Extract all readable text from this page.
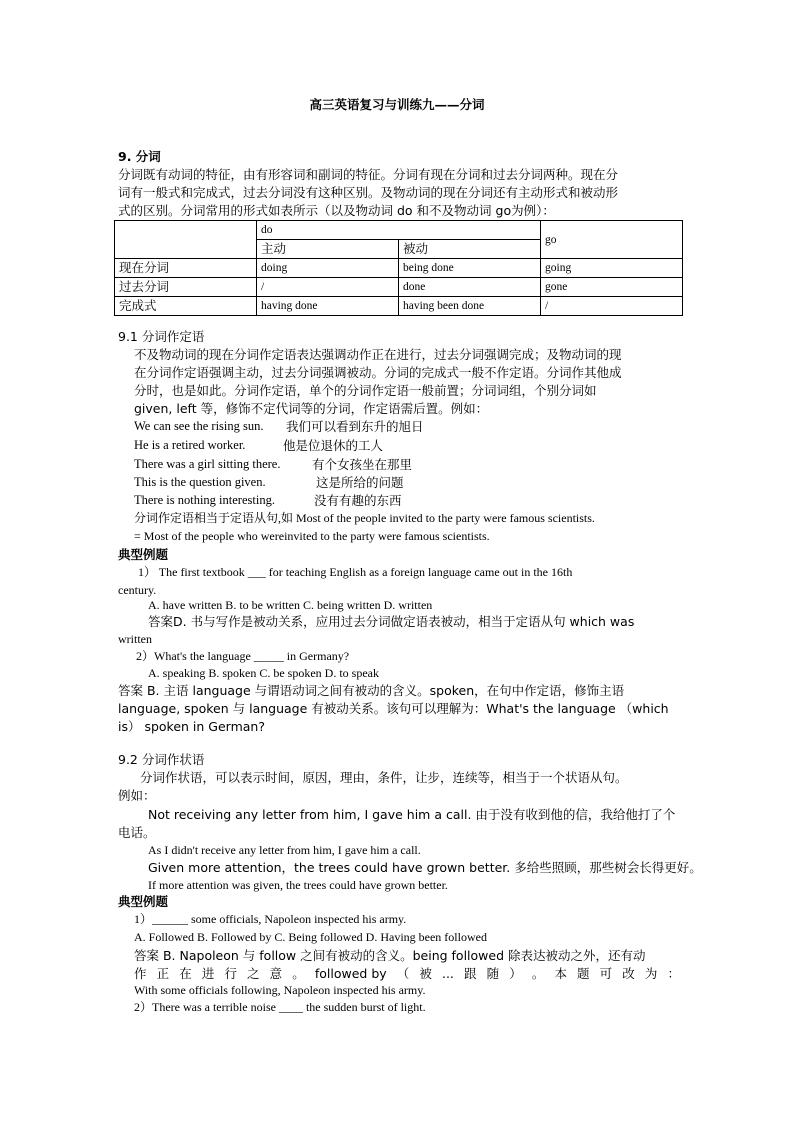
高三英语复习与训练九——分词
9. 分词
分词既有动词的特征，由有形容词和副词的特征。分词有现在分词和过去分词两种。现在分
词有一般式和完成式，过去分词没有这种区别。及物动词的现在分词还有主动形式和被动形
式的区别。分词常用的形式如表所示（以及物动词 do 和不及物动词 go为例）：
	do		go
	主动	被动	
现在分词	doing	being done	going
过去分词	/	done	gone
完成式	having done	having been done	/
9.1 分词作定语
不及物动词的现在分词作定语表达强调动作正在进行，过去分词强调完成；及物动词的现
在分词作定语强调主动，过去分词强调被动。分词的完成式一般不作定语。分词作其他成
分时，也是如此。分词作定语，单个的分词作定语一般前置；分词词组，个别分词如
given, left 等，修饰不定代词等的分词，作定语需后置。例如：
We can see the rising sun. 我们可以看到东升的旭日
He is a retired worker.	他是位退休的工人
There was a girl sitting there.	有个女孩坐在那里
This is the question given.	这是所给的问题
There is nothing interesting.	没有有趣的东西
分词作定语相当于定语从句,如 Most of the people invited to the party were famous scientists.
= Most of the people who wereinvited to the party were famous scientists.
典型例题
1） The first textbook ___ for teaching English as a foreign language came out in the 16th
century.
A. have written B. to be written C. being written D. written
答案D. 书与写作是被动关系，应用过去分词做定语表被动，相当于定语从句 which was
written
2）What's the language _____ in Germany?
A. speaking B. spoken C. be spoken D. to speak
答案 B. 主语 language 与谓语动词之间有被动的含义。spoken，在句中作定语，修饰主语
language, spoken 与 language 有被动关系。该句可以理解为：What's the language （which
is） spoken in German?
9.2 分词作状语
分词作状语，可以表示时间，原因，理由，条件，让步，连续等，相当于一个状语从句。
例如：
Not receiving any letter from him, I gave him a call. 由于没有收到他的信，我给他打了个
电话。
As I didn't receive any letter from him, I gave him a call.
Given more attention，the trees could have grown better. 多给些照顾，那些树会长得更好。
If more attention was given, the trees could have grown better.
典型例题
1）______ some officials, Napoleon inspected his army.
A. Followed B. Followed by C. Being followed D. Having been followed
答案 B. Napoleon 与 follow 之间有被动的含义。being followed 除表达被动之外，还有动
作 正 在 进 行 之 意 。 followed by （ 被 ... 跟 随 ） 。 本 题 可 改 为 ：
With some officials following, Napoleon inspected his army.
2）There was a terrible noise ____ the sudden burst of light.
